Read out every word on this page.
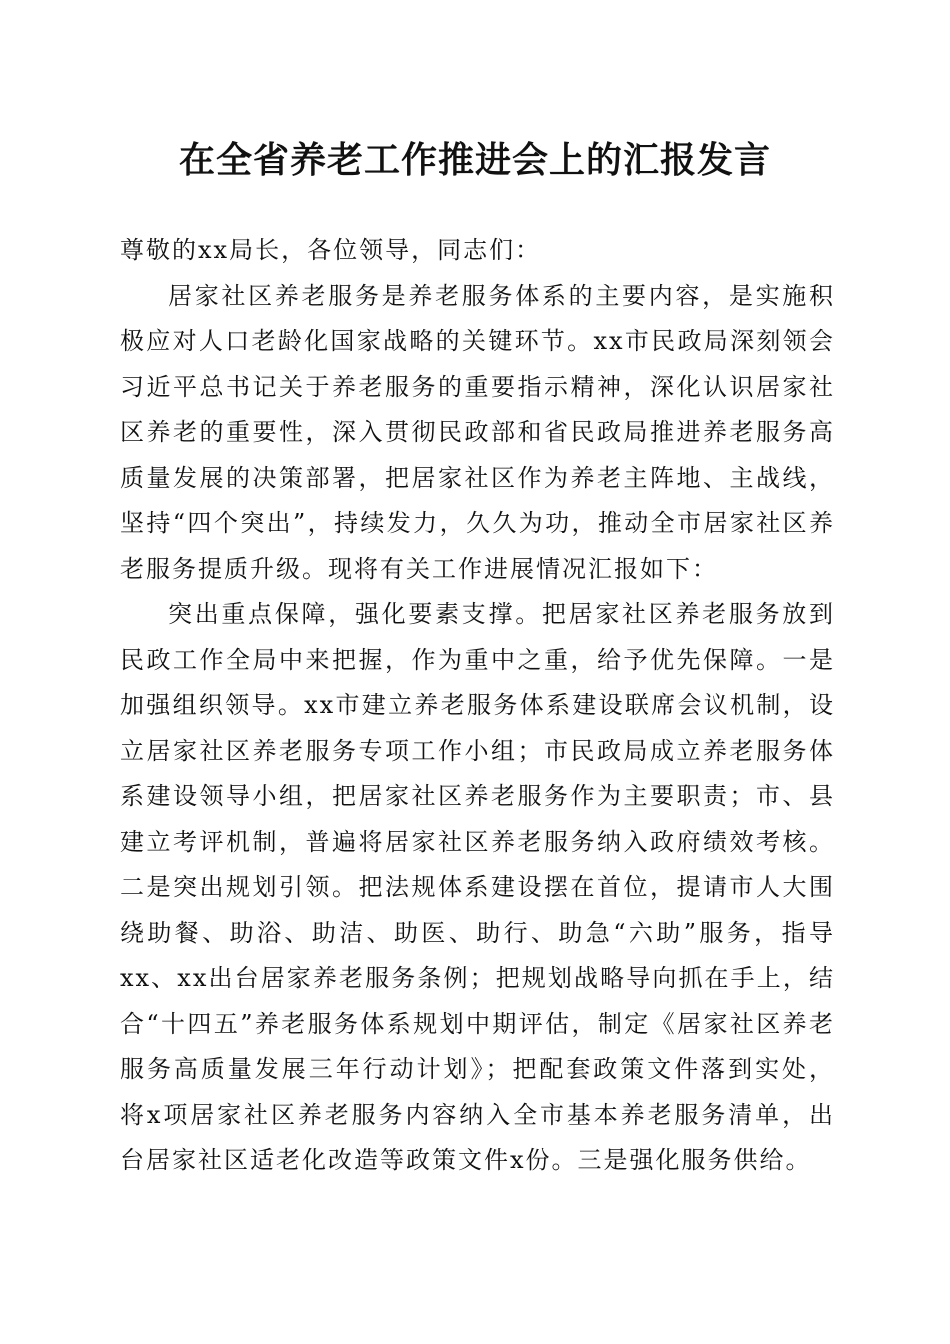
在全省养老工作推进会上的汇报发言

尊敬的xx局长，各位领导，同志们：

居家社区养老服务是养老服务体系的主要内容，是实施积极应对人口老龄化国家战略的关键环节。xx市民政局深刻领会习近平总书记关于养老服务的重要指示精神，深化认识居家社区养老的重要性，深入贯彻民政部和省民政局推进养老服务高质量发展的决策部署，把居家社区作为养老主阵地、主战线，坚持“四个突出”，持续发力，久久为功，推动全市居家社区养老服务提质升级。现将有关工作进展情况汇报如下：

突出重点保障，强化要素支撑。把居家社区养老服务放到民政工作全局中来把握，作为重中之重，给予优先保障。一是加强组织领导。xx市建立养老服务体系建设联席会议机制，设立居家社区养老服务专项工作小组；市民政局成立养老服务体系建设领导小组，把居家社区养老服务作为主要职责；市、县建立考评机制，普遍将居家社区养老服务纳入政府绩效考核。二是突出规划引领。把法规体系建设摆在首位，提请市人大围绕助餐、助浴、助洁、助医、助行、助急“六助”服务，指导xx、xx出台居家养老服务条例；把规划战略导向抓在手上，结合“十四五”养老服务体系规划中期评估，制定《居家社区养老服务高质量发展三年行动计划》；把配套政策文件落到实处，将x项居家社区养老服务内容纳入全市基本养老服务清单，出台居家社区适老化改造等政策文件x份。三是强化服务供给。
